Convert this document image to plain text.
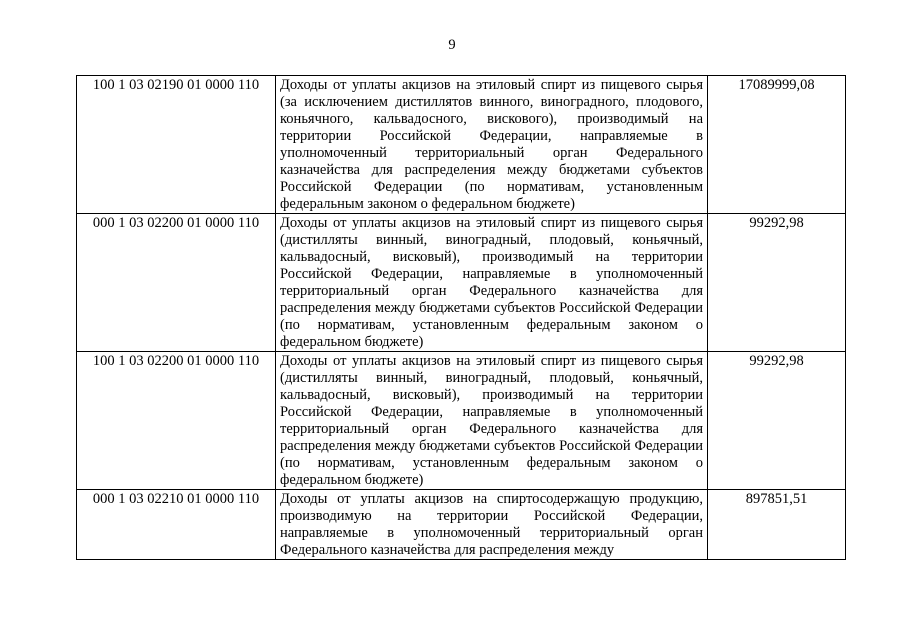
9
100 1 03 02190 01 0000 110	Доходы от уплаты акцизов на этиловый спирт из пищевого сырья (за исключением дистиллятов винного, виноградного, плодового, коньячного, кальвадосного, вискового), производимый на территории Российской Федерации, направляемые в уполномоченный территориальный орган Федерального казначейства для распределения между бюджетами субъектов Российской Федерации (по нормативам, установленным федеральным законом о федеральном бюджете)	17089999,08
000 1 03 02200 01 0000 110	Доходы от уплаты акцизов на этиловый спирт из пищевого сырья (дистилляты винный, виноградный, плодовый, коньячный, кальвадосный, висковый), производимый на территории Российской Федерации, направляемые в уполномоченный территориальный орган Федерального казначейства для распределения между бюджетами субъектов Российской Федерации (по нормативам, установленным федеральным законом о федеральном бюджете)	99292,98
100 1 03 02200 01 0000 110	Доходы от уплаты акцизов на этиловый спирт из пищевого сырья (дистилляты винный, виноградный, плодовый, коньячный, кальвадосный, висковый), производимый на территории Российской Федерации, направляемые в уполномоченный территориальный орган Федерального казначейства для распределения между бюджетами субъектов Российской Федерации (по нормативам, установленным федеральным законом о федеральном бюджете)	99292,98
000 1 03 02210 01 0000 110	Доходы от уплаты акцизов на спиртосодержащую продукцию, производимую на территории Российской Федерации, направляемые в уполномоченный территориальный орган Федерального казначейства для распределения между	897851,51
